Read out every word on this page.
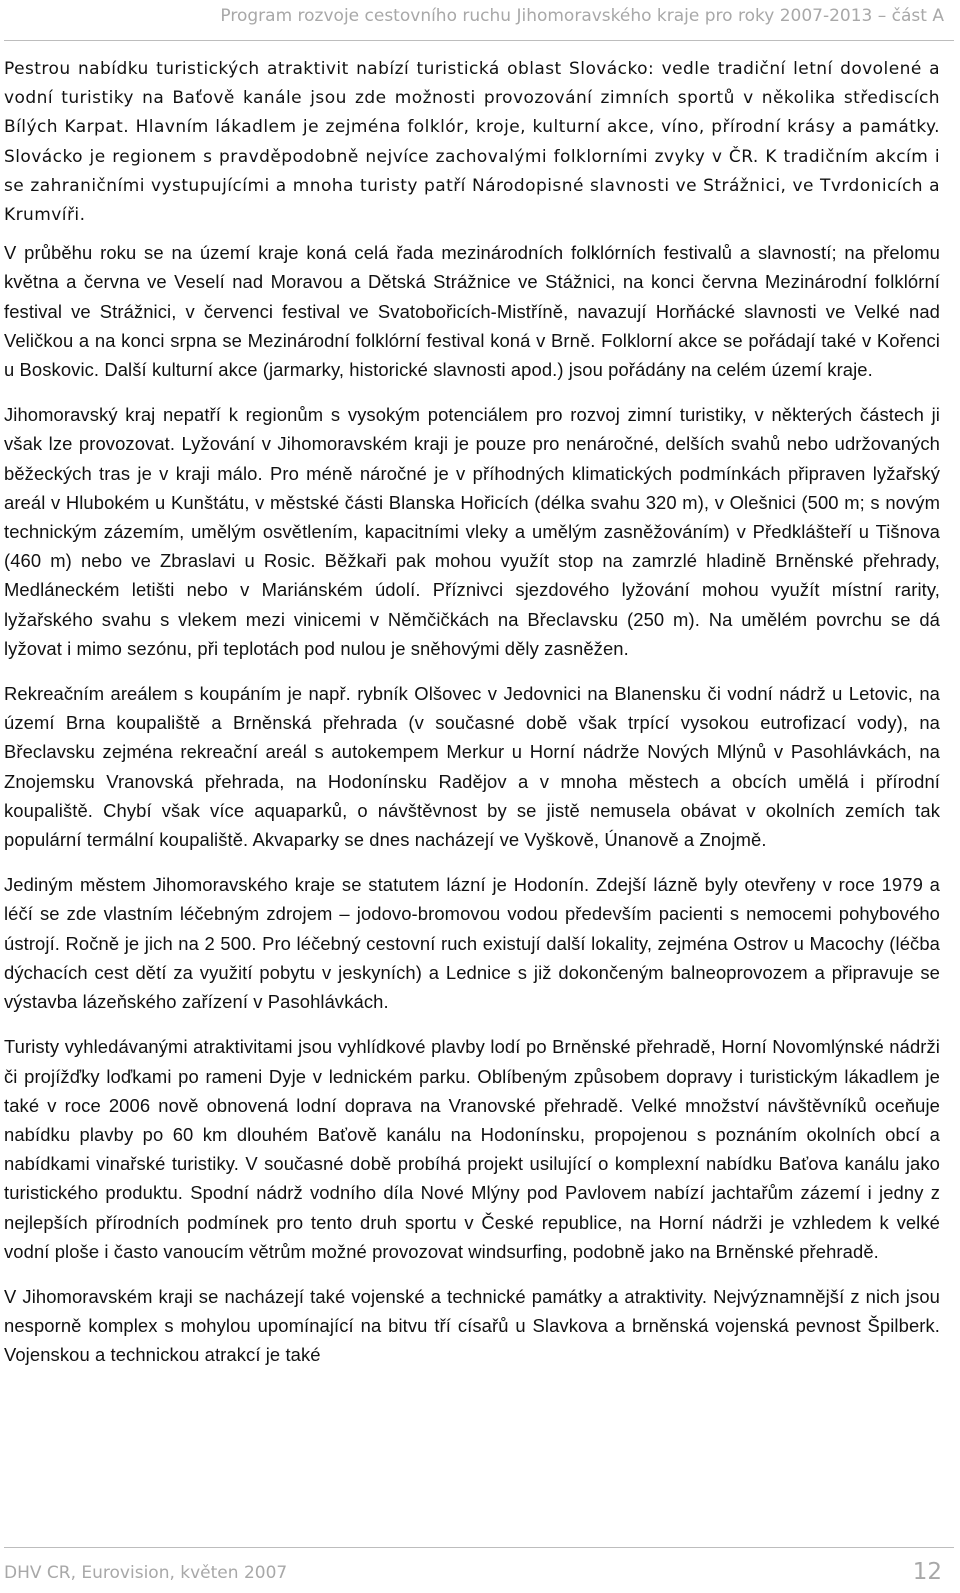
Program rozvoje cestovního ruchu Jihomoravského kraje pro roky 2007-2013 – část A

Pestrou nabídku turistických atraktivit nabízí turistická oblast Slovácko: vedle tradiční letní dovolené a vodní turistiky na Baťově kanále jsou zde možnosti provozování zimních sportů v několika střediscích Bílých Karpat. Hlavním lákadlem je zejména folklór, kroje, kulturní akce, víno, přírodní krásy a památky. Slovácko je regionem s pravděpodobně nejvíce zachovalými folklorními zvyky v ČR. K tradičním akcím i se zahraničními vystupujícími a mnoha turisty patří Národopisné slavnosti ve Strážnici, ve Tvrdonicích a Krumvíři.

V průběhu roku se na území kraje koná celá řada mezinárodních folklórních festivalů a slavností; na přelomu května a června ve Veselí nad Moravou a Dětská Strážnice ve Stážnici, na konci června Mezinárodní folklórní festival ve Strážnici, v červenci festival ve Svatobořicích-Mistříně, navazují Horňácké slavnosti ve Velké nad Veličkou a na konci srpna se Mezinárodní folklórní festival koná v Brně. Folklorní akce se pořádají také v Kořenci u Boskovic. Další kulturní akce (jarmarky, historické slavnosti apod.) jsou pořádány na celém území kraje.

Jihomoravský kraj nepatří k regionům s vysokým potenciálem pro rozvoj zimní turistiky, v některých částech ji však lze provozovat. Lyžování v Jihomoravském kraji je pouze pro nenáročné, delších svahů nebo udržovaných běžeckých tras je v kraji málo. Pro méně náročné je v příhodných klimatických podmínkách připraven lyžařský areál v Hlubokém u Kunštátu, v městské části Blanska Hořicích (délka svahu 320 m), v Olešnici (500 m; s novým technickým zázemím, umělým osvětlením, kapacitními vleky a umělým zasněžováním) v Předklášteří u Tišnova (460 m) nebo ve Zbraslavi u Rosic. Běžkaři pak mohou využít stop na zamrzlé hladině Brněnské přehrady, Medláneckém letišti nebo v Mariánském údolí. Příznivci sjezdového lyžování mohou využít místní rarity, lyžařského svahu s vlekem mezi vinicemi v Němčičkách na Břeclavsku (250 m). Na umělém povrchu se dá lyžovat i mimo sezónu, při teplotách pod nulou je sněhovými děly zasněžen.

Rekreačním areálem s koupáním je např. rybník Olšovec v Jedovnici na Blanensku či vodní nádrž u Letovic, na území Brna koupaliště a Brněnská přehrada (v současné době však trpící vysokou eutrofizací vody), na Břeclavsku zejména rekreační areál s autokempem Merkur u Horní nádrže Nových Mlýnů v Pasohlávkách, na Znojemsku Vranovská přehrada, na Hodonínsku Radějov a v mnoha městech a obcích umělá i přírodní koupaliště. Chybí však více aquaparků, o návštěvnost by se jistě nemusela obávat v okolních zemích tak populární termální koupaliště. Akvaparky se dnes nacházejí ve Vyškově, Únanově a Znojmě.

Jediným městem Jihomoravského kraje se statutem lázní je Hodonín. Zdejší lázně byly otevřeny v roce 1979 a léčí se zde vlastním léčebným zdrojem – jodovo-bromovou vodou především pacienti s nemocemi pohybového ústrojí. Ročně je jich na 2 500. Pro léčebný cestovní ruch existují další lokality, zejména Ostrov u Macochy (léčba dýchacích cest dětí za využití pobytu v jeskyních) a Lednice s již dokončeným balneoprovozem a připravuje se výstavba lázeňského zařízení v Pasohlávkách.

Turisty vyhledávanými atraktivitami jsou vyhlídkové plavby lodí po Brněnské přehradě, Horní Novomlýnské nádrži či projížďky loďkami po rameni Dyje v lednickém parku. Oblíbeným způsobem dopravy i turistickým lákadlem je také v roce 2006 nově obnovená lodní doprava na Vranovské přehradě. Velké množství návštěvníků oceňuje nabídku plavby po 60 km dlouhém Baťově kanálu na Hodonínsku, propojenou s poznáním okolních obcí a nabídkami vinařské turistiky. V současné době probíhá projekt usilující o komplexní nabídku Baťova kanálu jako turistického produktu. Spodní nádrž vodního díla Nové Mlýny pod Pavlovem nabízí jachtařům zázemí i jedny z nejlepších přírodních podmínek pro tento druh sportu v České republice, na Horní nádrži je vzhledem k velké vodní ploše i často vanoucím větrům možné provozovat windsurfing, podobně jako na Brněnské přehradě.

V Jihomoravském kraji se nacházejí také vojenské a technické památky a atraktivity. Nejvýznamnější z nich jsou nesporně komplex s mohylou upomínající na bitvu tří císařů u Slavkova a brněnská vojenská pevnost Špilberk. Vojenskou a technickou atrakcí je také

DHV CR, Eurovision, květen 2007	12
